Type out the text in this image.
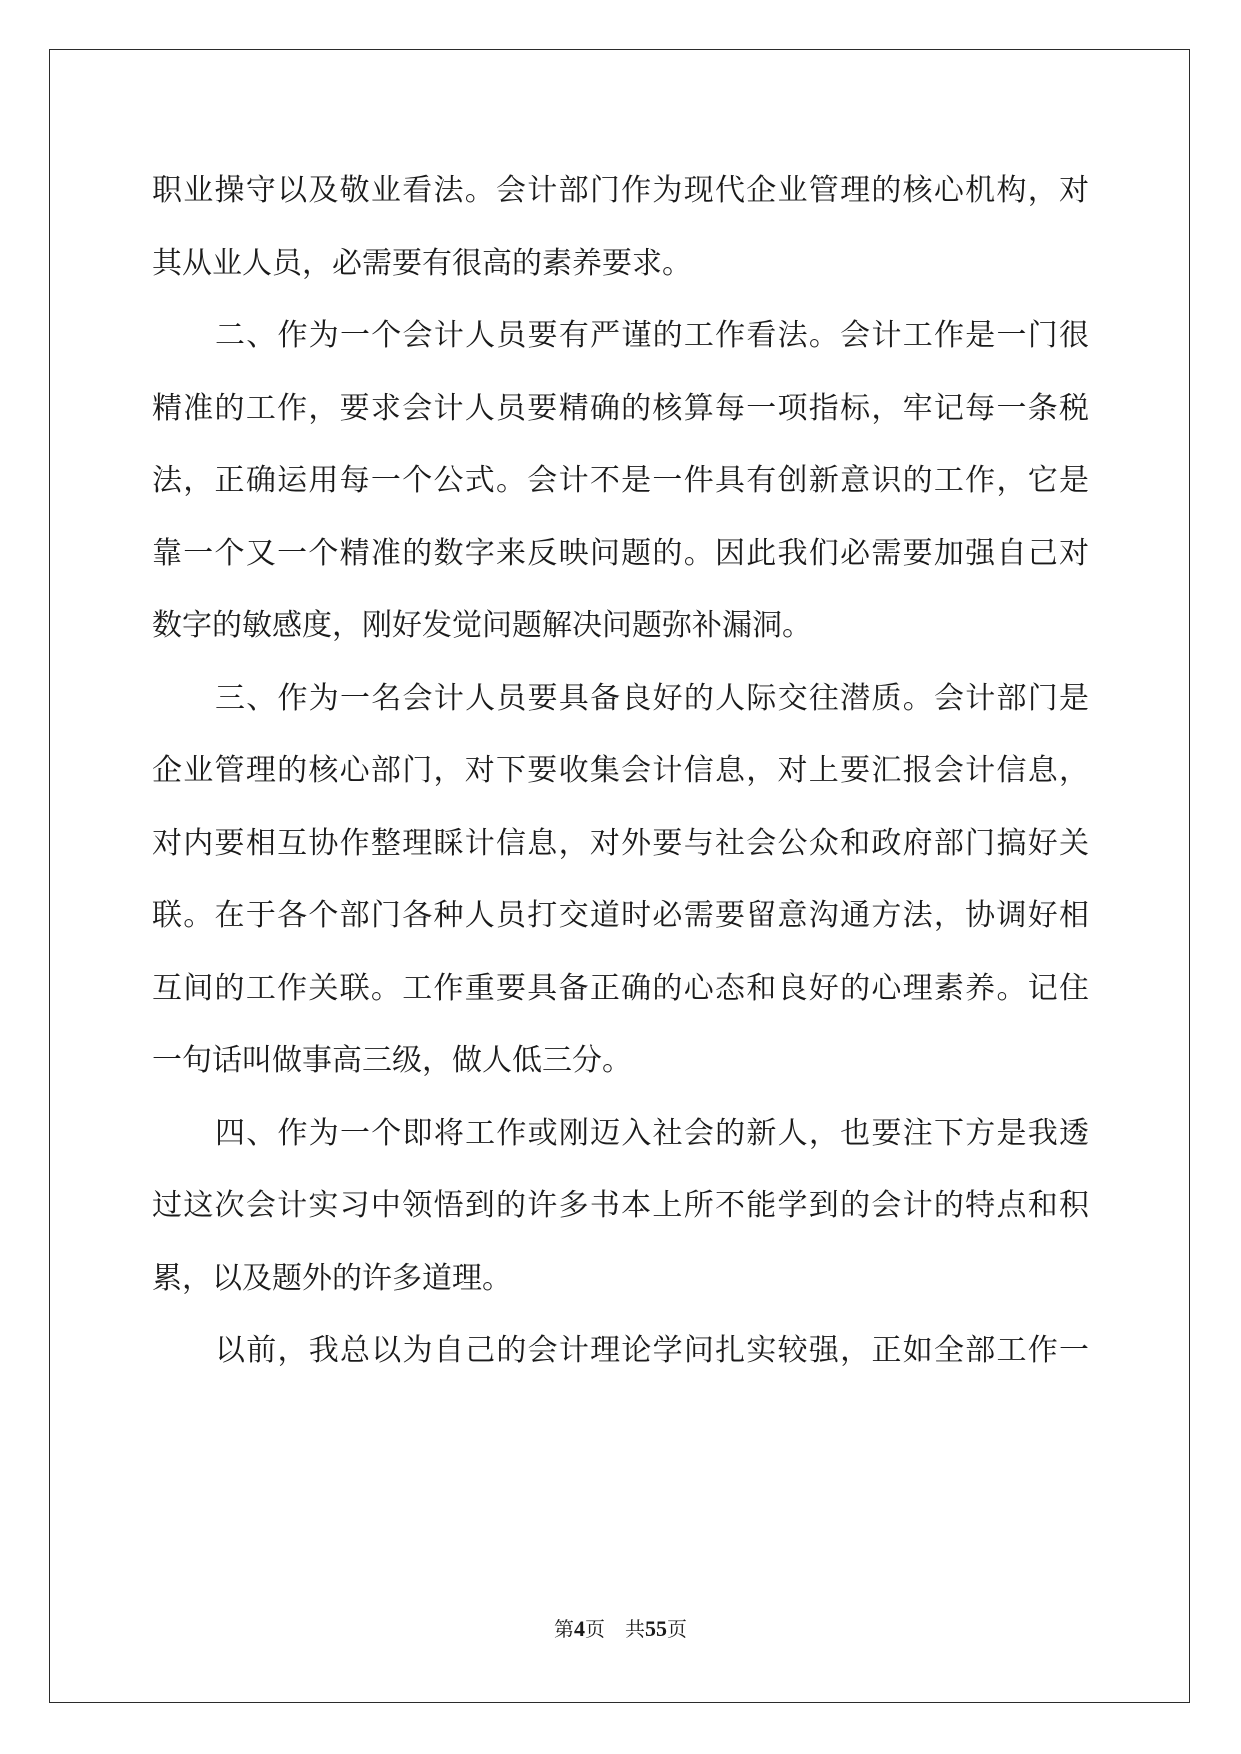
职业操守以及敬业看法。会计部门作为现代企业管理的核心机构，对
其从业人员，必需要有很高的素养要求。
二、作为一个会计人员要有严谨的工作看法。会计工作是一门很
精准的工作，要求会计人员要精确的核算每一项指标，牢记每一条税
法，正确运用每一个公式。会计不是一件具有创新意识的工作，它是
靠一个又一个精准的数字来反映问题的。因此我们必需要加强自己对
数字的敏感度，刚好发觉问题解决问题弥补漏洞。
三、作为一名会计人员要具备良好的人际交往潜质。会计部门是
企业管理的核心部门，对下要收集会计信息，对上要汇报会计信息，
对内要相互协作整理睬计信息，对外要与社会公众和政府部门搞好关
联。在于各个部门各种人员打交道时必需要留意沟通方法，协调好相
互间的工作关联。工作重要具备正确的心态和良好的心理素养。记住
一句话叫做事高三级，做人低三分。
四、作为一个即将工作或刚迈入社会的新人，也要注下方是我透
过这次会计实习中领悟到的许多书本上所不能学到的会计的特点和积
累，以及题外的许多道理。
以前，我总以为自己的会计理论学问扎实较强，正如全部工作一
第4页 共55页
